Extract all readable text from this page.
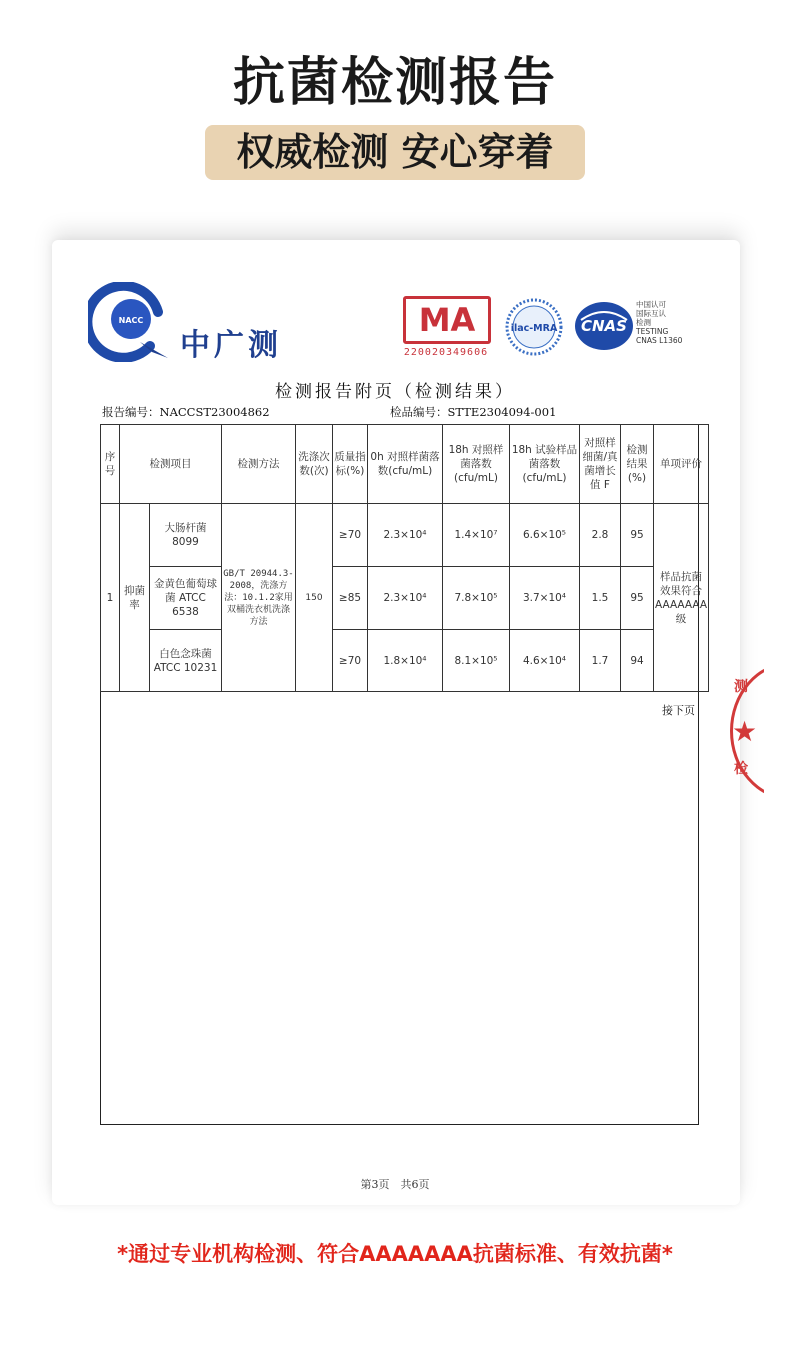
抗菌检测报告
权威检测 安心穿着
NACC
中广测
MA
220020349606
ilac-MRA CNAS
中国认可
国际互认
检测
TESTING
CNAS L1360
检测报告附页（检测结果）
报告编号：NACCST23004862	检品编号：STTE2304094-001
序号	检测项目		检测方法	洗涤次数(次)	质量指标(%)	0h 对照样菌落数(cfu/mL)	18h 对照样菌落数(cfu/mL)	18h 试验样品菌落数(cfu/mL)	对照样细菌/真菌增长值 F	检测结果(%)	单项评价
1	抑菌率	大肠杆菌 8099	GB/T 20944.3-2008，洗涤方法：10.1.2家用双桶洗衣机洗涤方法	150	≥70	2.3×10⁴	1.4×10⁷	6.6×10⁵	2.8	95	样品抗菌效果符合AAAAAAA级
		金黄色葡萄球菌 ATCC 6538			≥85	2.3×10⁴	7.8×10⁵	3.7×10⁴	1.5	95	
		白色念珠菌 ATCC 10231			≥70	1.8×10⁴	8.1×10⁵	4.6×10⁴	1.7	94	
接下页
测
★
检
第3页　共6页
*通过专业机构检测、符合AAAAAAA抗菌标准、有效抗菌*
